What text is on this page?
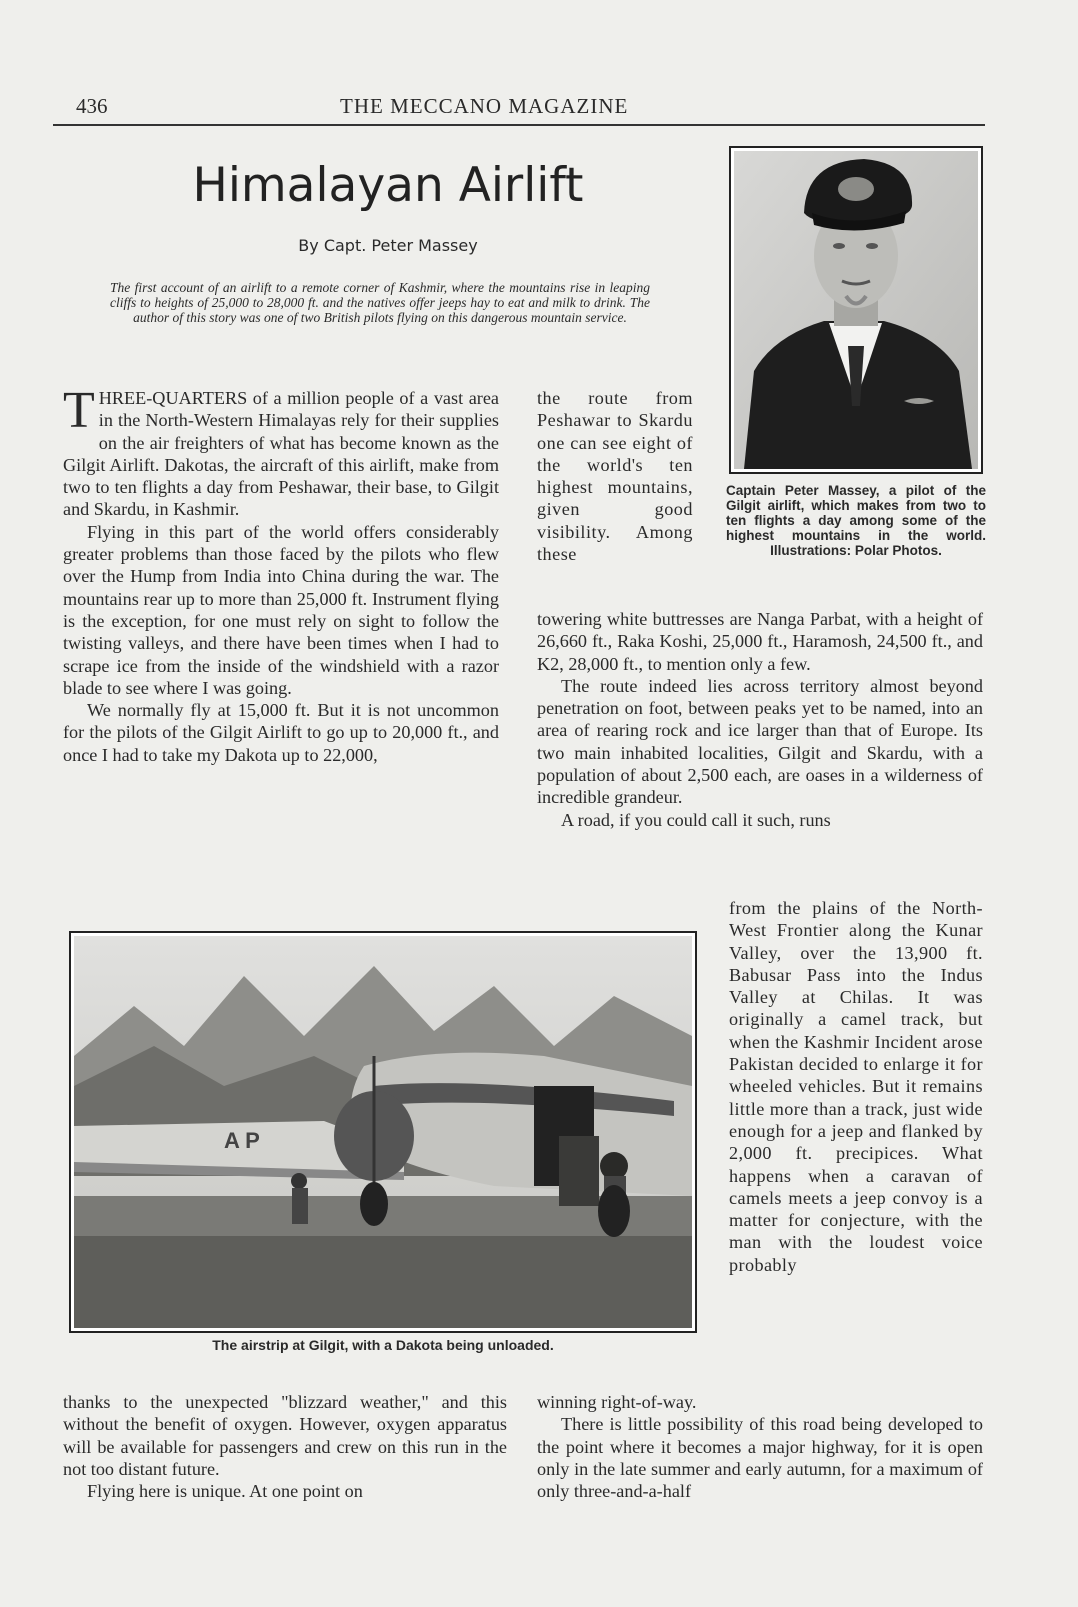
436	THE MECCANO MAGAZINE
Himalayan Airlift
By Capt. Peter Massey
The first account of an airlift to a remote corner of Kashmir, where the mountains rise in leaping cliffs to heights of 25,000 to 28,000 ft. and the natives offer jeeps hay to eat and milk to drink. The author of this story was one of two British pilots flying on this dangerous mountain service.
Captain Peter Massey, a pilot of the Gilgit airlift, which makes from two to ten flights a day among some of the highest mountains in the world. Illustrations: Polar Photos.

THREE-QUARTERS of a million people of a vast area in the North-Western Himalayas rely for their supplies on the air freighters of what has become known as the Gilgit Airlift. Dakotas, the aircraft of this airlift, make from two to ten flights a day from Peshawar, their base, to Gilgit and Skardu, in Kashmir.

Flying in this part of the world offers considerably greater problems than those faced by the pilots who flew over the Hump from India into China during the war. The mountains rear up to more than 25,000 ft. Instrument flying is the exception, for one must rely on sight to follow the twisting valleys, and there have been times when I had to scrape ice from the inside of the windshield with a razor blade to see where I was going.

We normally fly at 15,000 ft. But it is not uncommon for the pilots of the Gilgit Airlift to go up to 20,000 ft., and once I had to take my Dakota up to 22,000,

the route from Peshawar to Skardu one can see eight of the world's ten highest mountains, given good visibility. Among these

towering white buttresses are Nanga Parbat, with a height of 26,660 ft., Raka Koshi, 25,000 ft., Haramosh, 24,500 ft., and K2, 28,000 ft., to mention only a few.

The route indeed lies across territory almost beyond penetration on foot, between peaks yet to be named, into an area of rearing rock and ice larger than that of Europe. Its two main inhabited localities, Gilgit and Skardu, with a population of about 2,500 each, are oases in a wilderness of incredible grandeur.

A road, if you could call it such, runs

from the plains of the North-West Frontier along the Kunar Valley, over the 13,900 ft. Babusar Pass into the Indus Valley at Chilas. It was originally a camel track, but when the Kashmir Incident arose Pakistan decided to enlarge it for wheeled vehicles. But it remains little more than a track, just wide enough for a jeep and flanked by 2,000 ft. precipices. What happens when a caravan of camels meets a jeep convoy is a matter for conjecture, with the man with the loudest voice probably

A P
The airstrip at Gilgit, with a Dakota being unloaded.

thanks to the unexpected "blizzard weather," and this without the benefit of oxygen. However, oxygen apparatus will be available for passengers and crew on this run in the not too distant future.

Flying here is unique. At one point on

winning right-of-way.

There is little possibility of this road being developed to the point where it becomes a major highway, for it is open only in the late summer and early autumn, for a maximum of only three-and-a-half
